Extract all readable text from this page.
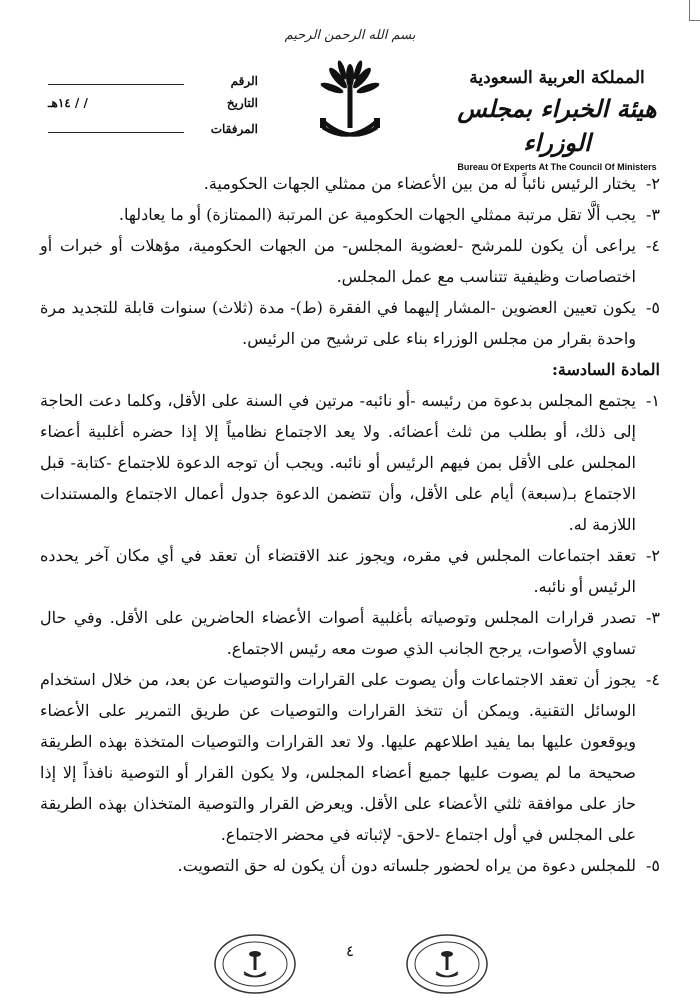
بسم الله الرحمن الرحيم
المملكة العربية السعودية
هيئة الخبراء بمجلس الوزراء
Bureau Of Experts At The Council Of Ministers
الرقم
التاريخ
/ / ١٤هـ
المرفقات
٢-
يختار الرئيس نائباً له من بين الأعضاء من ممثلي الجهات الحكومية.
٣-
يجب ألَّا تقل مرتبة ممثلي الجهات الحكومية عن المرتبة (الممتازة) أو ما يعادلها.
٤-
يراعى أن يكون للمرشح -لعضوية المجلس- من الجهات الحكومية، مؤهلات أو خبرات أو اختصاصات وظيفية تتناسب مع عمل المجلس.
٥-
يكون تعيين العضوين -المشار إليهما في الفقرة (ط)- مدة (ثلاث) سنوات قابلة للتجديد مرة واحدة بقرار من مجلس الوزراء بناء على ترشيح من الرئيس.
المادة السادسة:
١-
يجتمع المجلس بدعوة من رئيسه -أو نائبه- مرتين في السنة على الأقل، وكلما دعت الحاجة إلى ذلك، أو بطلب من ثلث أعضائه. ولا يعد الاجتماع نظامياً إلا إذا حضره أغلبية أعضاء المجلس على الأقل بمن فيهم الرئيس أو نائبه. ويجب أن توجه الدعوة للاجتماع -كتابة- قبل الاجتماع بـ(سبعة) أيام على الأقل، وأن تتضمن الدعوة جدول أعمال الاجتماع والمستندات اللازمة له.
٢-
تعقد اجتماعات المجلس في مقره، ويجوز عند الاقتضاء أن تعقد في أي مكان آخر يحدده الرئيس أو نائبه.
٣-
تصدر قرارات المجلس وتوصياته بأغلبية أصوات الأعضاء الحاضرين على الأقل. وفي حال تساوي الأصوات، يرجح الجانب الذي صوت معه رئيس الاجتماع.
٤-
يجوز أن تعقد الاجتماعات وأن يصوت على القرارات والتوصيات عن بعد، من خلال استخدام الوسائل التقنية. ويمكن أن تتخذ القرارات والتوصيات عن طريق التمرير على الأعضاء ويوقعون عليها بما يفيد اطلاعهم عليها. ولا تعد القرارات والتوصيات المتخذة بهذه الطريقة صحيحة ما لم يصوت عليها جميع أعضاء المجلس، ولا يكون القرار أو التوصية نافذاً إلا إذا حاز على موافقة ثلثي الأعضاء على الأقل. ويعرض القرار والتوصية المتخذان بهذه الطريقة على المجلس في أول اجتماع -لاحق- لإثباته في محضر الاجتماع.
٥-
للمجلس دعوة من يراه لحضور جلساته دون أن يكون له حق التصويت.
٤
